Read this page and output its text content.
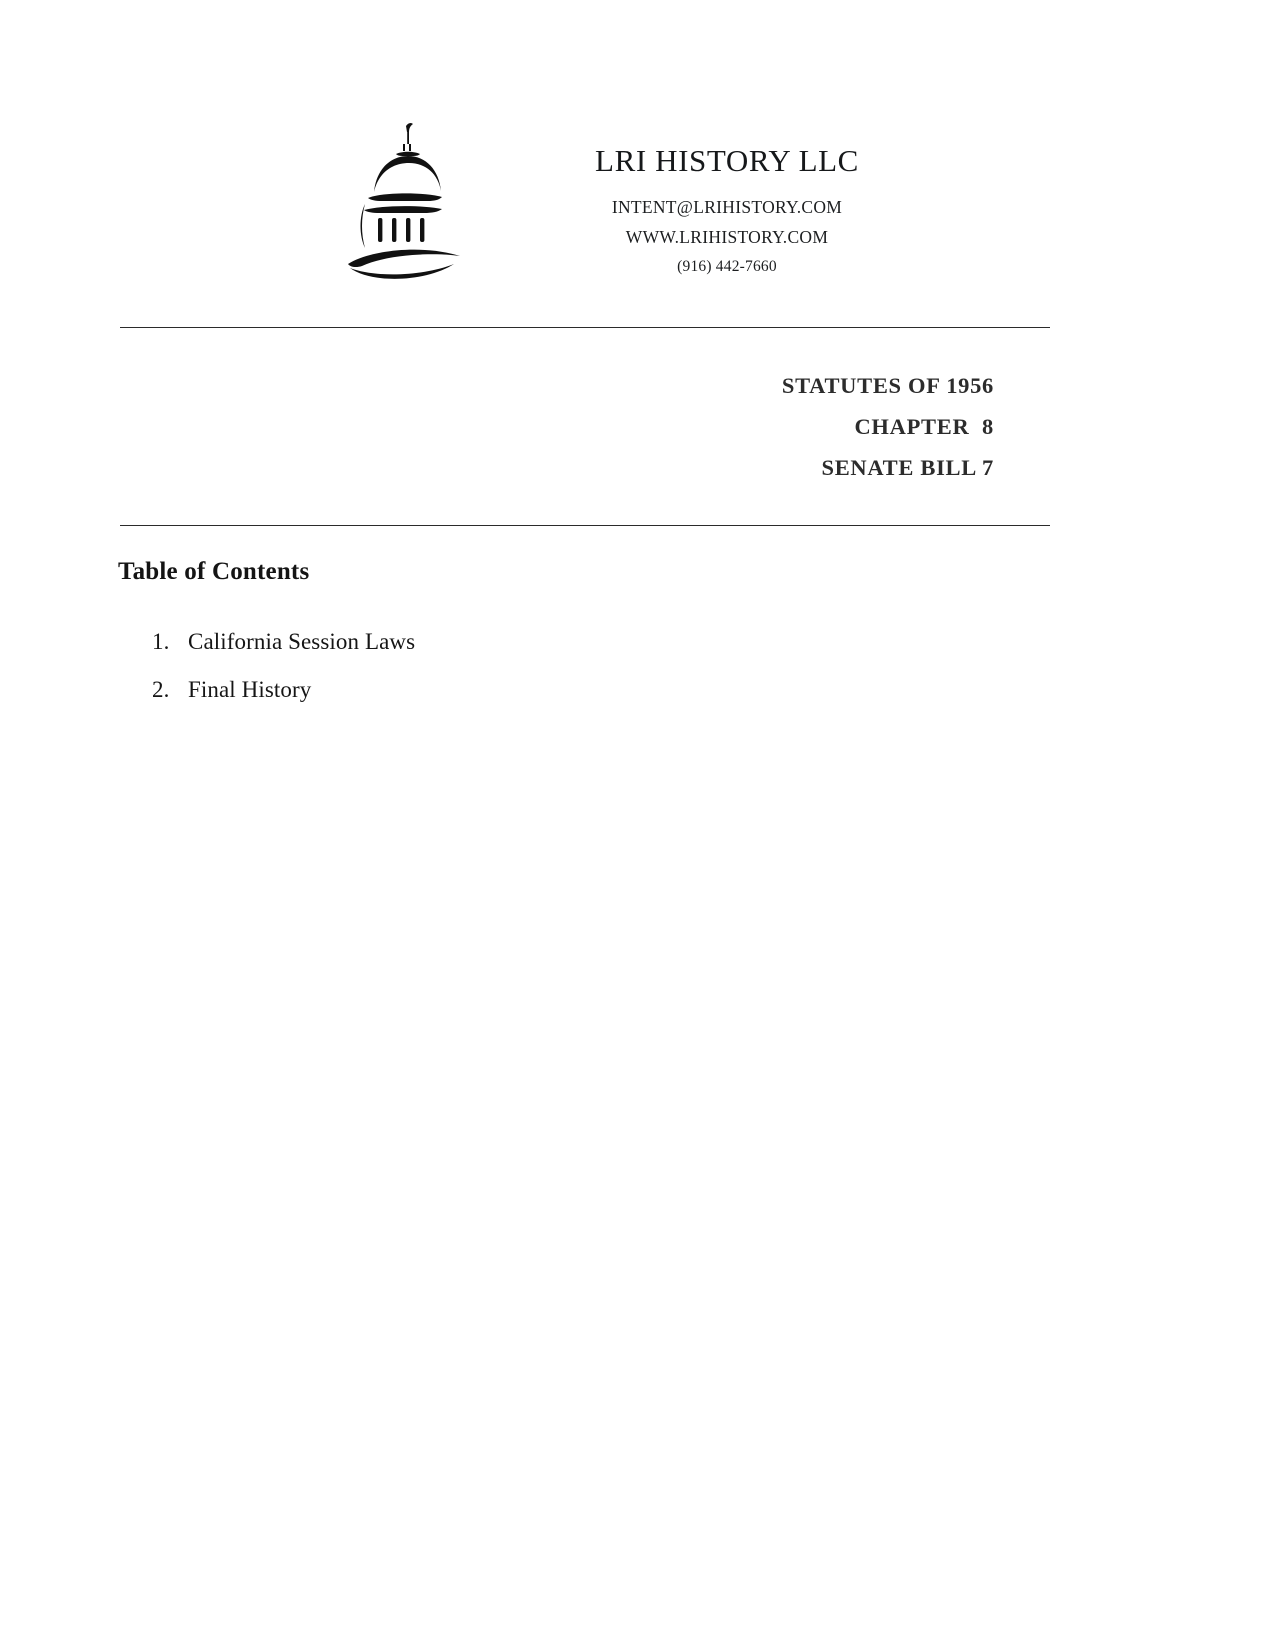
LRI HISTORY LLC
INTENT@LRIHISTORY.COM
WWW.LRIHISTORY.COM
(916) 442-7660
STATUTES OF 1956
CHAPTER  8
SENATE BILL 7
Table of Contents
California Session Laws
Final History
